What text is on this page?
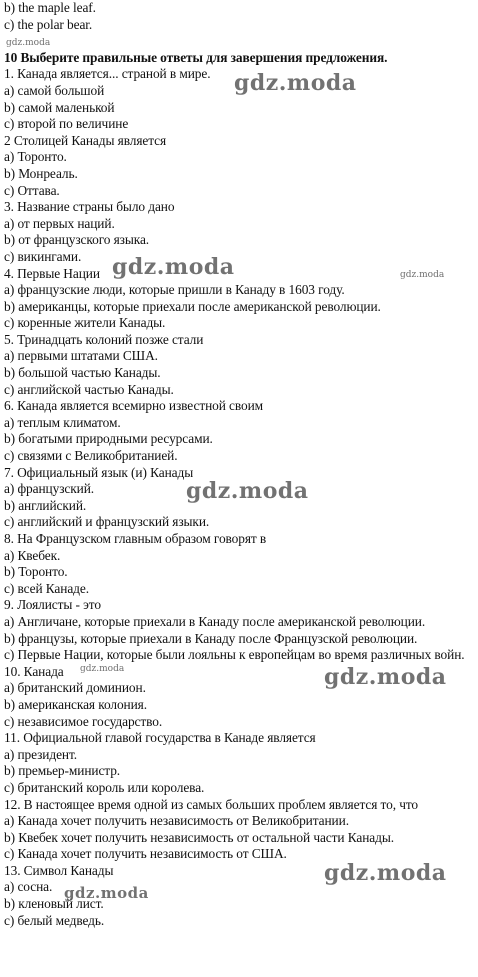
b) the maple leaf.
c) the polar bear.
10 Выберите правильные ответы для завершения предложения.
1. Канада является... страной в мире.
a) самой большой
b) самой маленькой
c) второй по величине
2 Столицей Канады является
a) Торонто.
b) Монреаль.
c) Оттава.
3. Название страны было дано
a) от первых наций.
b) от французского языка.
c) викингами.
4. Первые Нации
a) французские люди, которые пришли в Канаду в 1603 году.
b) американцы, которые приехали после американской революции.
c) коренные жители Канады.
5. Тринадцать колоний позже стали
a) первыми штатами США.
b) большой частью Канады.
c) английской частью Канады.
6. Канада является всемирно известной своим
a) теплым климатом.
b) богатыми природными ресурсами.
c) связями с Великобританией.
7. Официальный язык (и) Канады
a) французский.
b) английский.
c) английский и французский языки.
8. На Французском главным образом говорят в
a) Квебек.
b) Торонто.
c) всей Канаде.
9. Лоялисты - это
a) Англичане, которые приехали в Канаду после американской революции.
b) французы, которые приехали в Канаду после Французской революции.
c) Первые Нации, которые были лояльны к европейцам во время различных войн.
10. Канада
a) британский доминион.
b) американская колония.
c) независимое государство.
11. Официальной главой государства в Канаде является
a) президент.
b) премьер-министр.
c) британский король или королева.
12. В настоящее время одной из самых больших проблем является то, что
a) Канада хочет получить независимость от Великобритании.
b) Квебек хочет получить независимость от остальной части Канады.
c) Канада хочет получить независимость от США.
13. Символ Канады
a) сосна.
b) кленовый лист.
c) белый медведь.
gdz.moda
gdz.moda
gdz.moda	gdz.moda
gdz.moda
gdz.moda
gdz.moda
gdz.moda
gdz.moda
